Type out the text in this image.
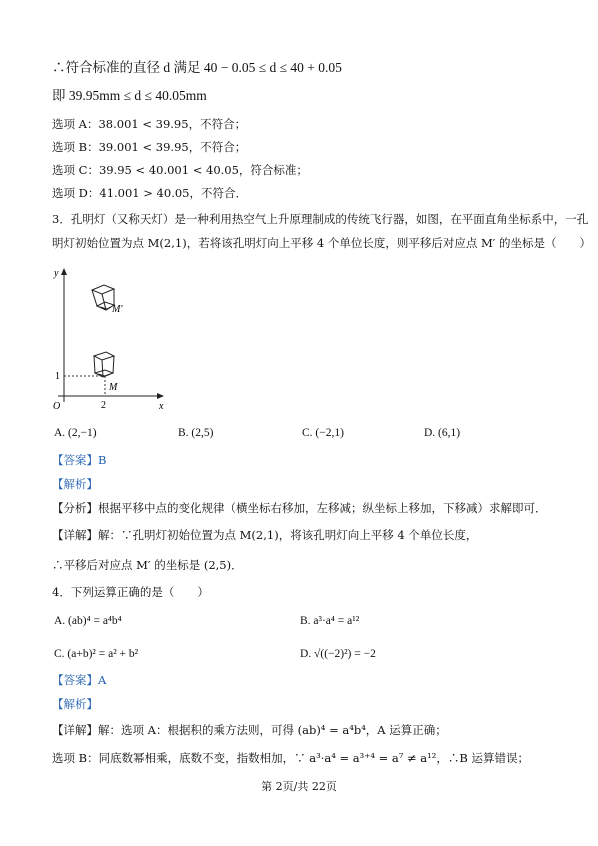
∴符合标准的直径 d 满足 40 − 0.05 ≤ d ≤ 40 + 0.05
即 39.95mm ≤ d ≤ 40.05mm
选项 A：38.001 < 39.95，不符合；
选项 B：39.001 < 39.95，不符合；
选项 C：39.95 < 40.001 < 40.05，符合标准；
选项 D：41.001 > 40.05，不符合．
3．孔明灯（又称天灯）是一种利用热空气上升原理制成的传统飞行器，如图，在平面直角坐标系中，一孔
明灯初始位置为点 M(2,1)，若将该孔明灯向上平移 4 个单位长度，则平移后对应点 M′ 的坐标是（　　）
y
x
O
1
2
M
M′
A. (2,−1)	B. (2,5)	C. (−2,1)	D. (6,1)
【答案】B
【解析】
【分析】根据平移中点的变化规律（横坐标右移加，左移减；纵坐标上移加，下移减）求解即可．
【详解】解：∵孔明灯初始位置为点 M(2,1)，将该孔明灯向上平移 4 个单位长度，
∴平移后对应点 M′ 的坐标是 (2,5)．
4．下列运算正确的是（　　）
A. (ab)⁴ = a⁴b⁴	B. a³·a⁴ = a¹²
C. (a+b)² = a² + b²	D. √((−2)²) = −2
【答案】A
【解析】
【详解】解：选项 A：根据积的乘方法则，可得 (ab)⁴ = a⁴b⁴，A 运算正确；
选项 B：同底数幂相乘，底数不变，指数相加，∵ a³·a⁴ = a³⁺⁴ = a⁷ ≠ a¹²，∴B 运算错误；
第 2页/共 22页
